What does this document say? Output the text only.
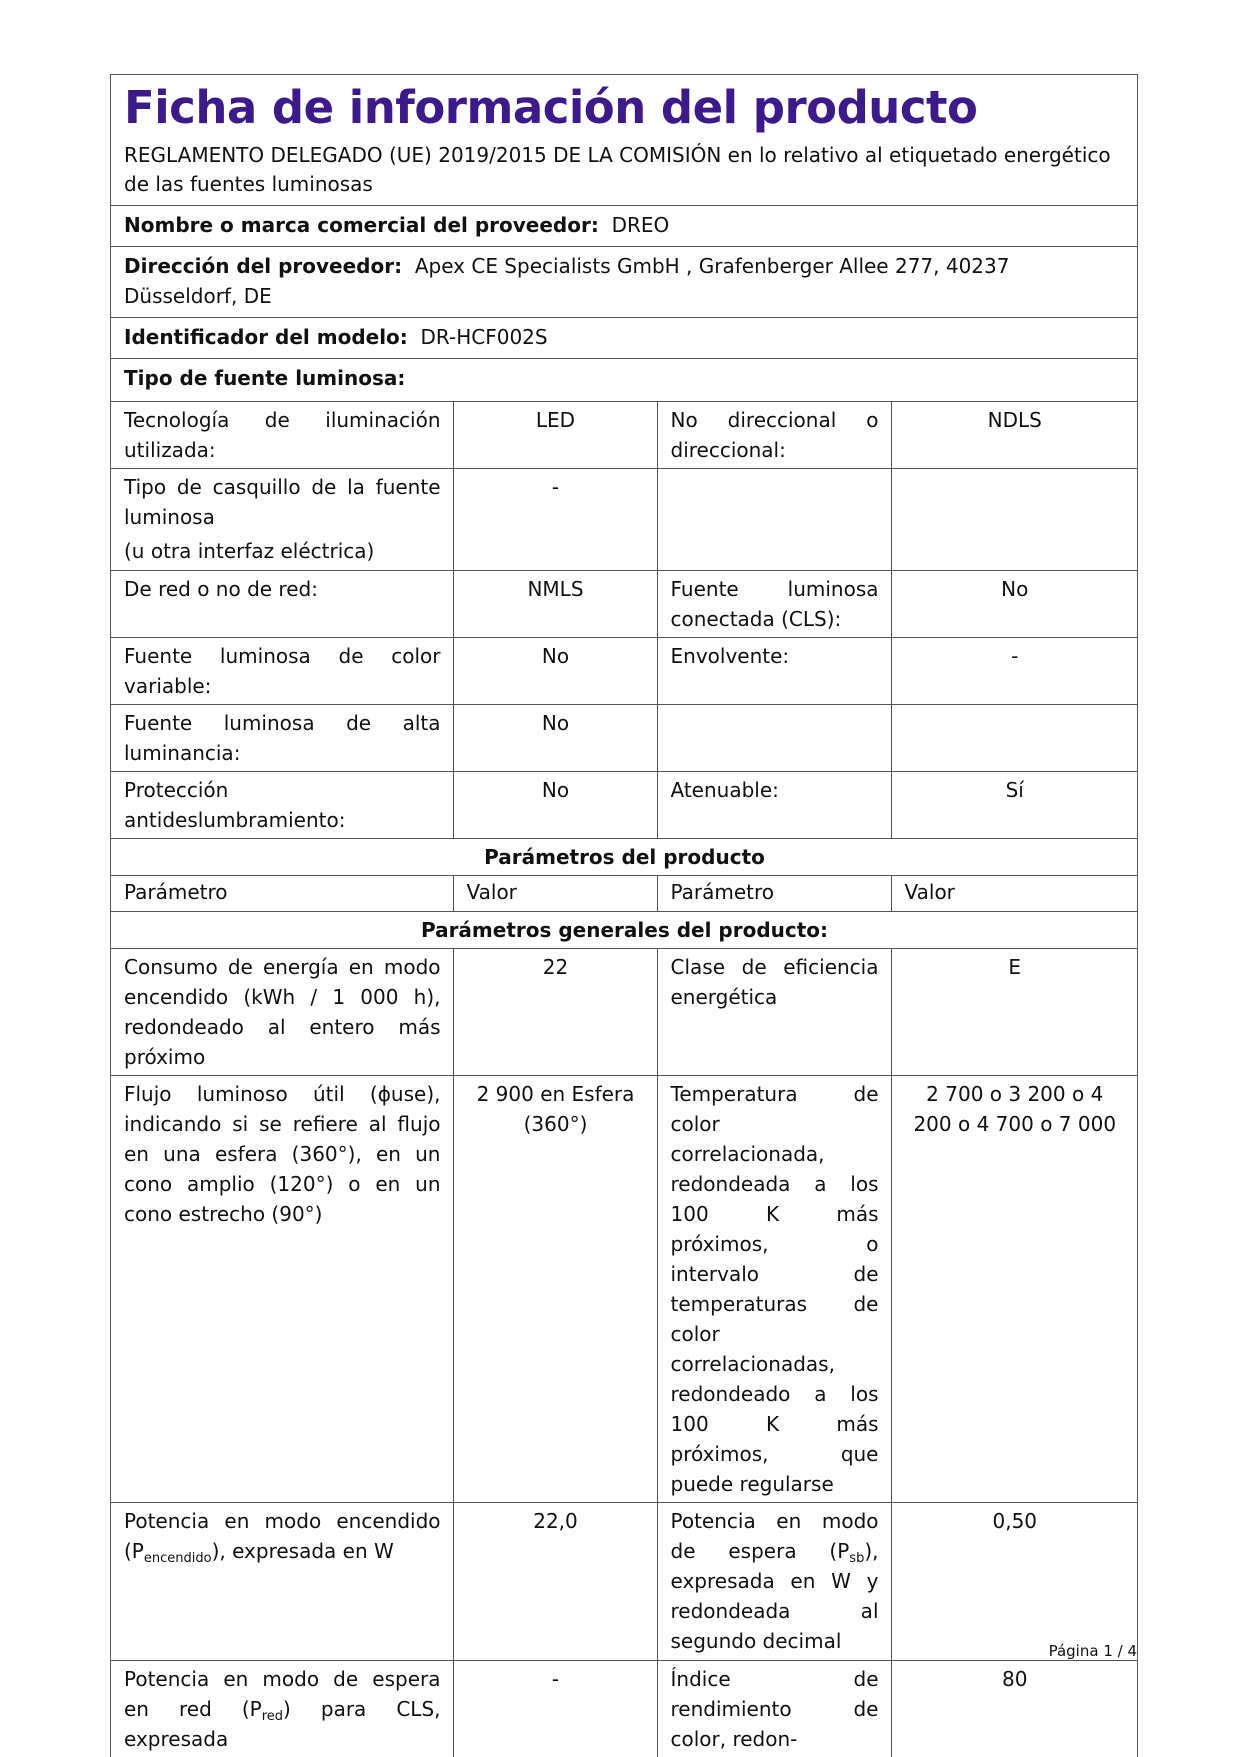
Ficha de información del producto
REGLAMENTO DELEGADO (UE) 2019/2015 DE LA COMISIÓN en lo relativo al etiquetado energético de las fuentes luminosas
Nombre o marca comercial del proveedor: DREO
Dirección del proveedor: Apex CE Specialists GmbH , Grafenberger Allee 277, 40237 Düsseldorf, DE
Identificador del modelo: DR-HCF002S
Tipo de fuente luminosa:
Tecnología de iluminación utilizada:	LED	No direccional o direccional:	NDLS

Tipo de casquillo de la fuente luminosa
(u otra interfaz eléctrica)	-		
De red o no de red:	NMLS	Fuente luminosa conectada (CLS):	No
Fuente luminosa de color variable:	No	Envolvente:	-
Fuente luminosa de alta luminancia:	No		
Protección antideslumbramiento:	No	Atenuable:	Sí
Parámetros del producto			
Parámetro	Valor	Parámetro	Valor
Parámetros generales del producto:			
Consumo de energía en modo encendido (kWh / 1 000 h), redondeado al entero más próximo	22	Clase de eficiencia energética	E
Flujo luminoso útil (ϕuse), indicando si se refiere al flujo en una esfera (360°), en un cono amplio (120°) o en un cono estrecho (90°)	2 900 en Esfera (360°)	Temperatura de color correlacionada, redondeada a los 100 K más próximos, o intervalo de temperaturas de color correlacionadas, redondeado a los 100 K más próximos, que puede regularse	2 700 o 3 200 o 4 200 o 4 700 o 7 000
Potencia en modo encendido $(P_{encendido})$, expresada en W	22,0	Potencia en modo de espera $(P_{sb})$, expresada en W y redondeada al segundo decimal	0,50
Potencia en modo de espera en red $(P_{red})$ para CLS, expresada	-	Índice de rendimiento de color, redon-	80
Página 1 / 4
